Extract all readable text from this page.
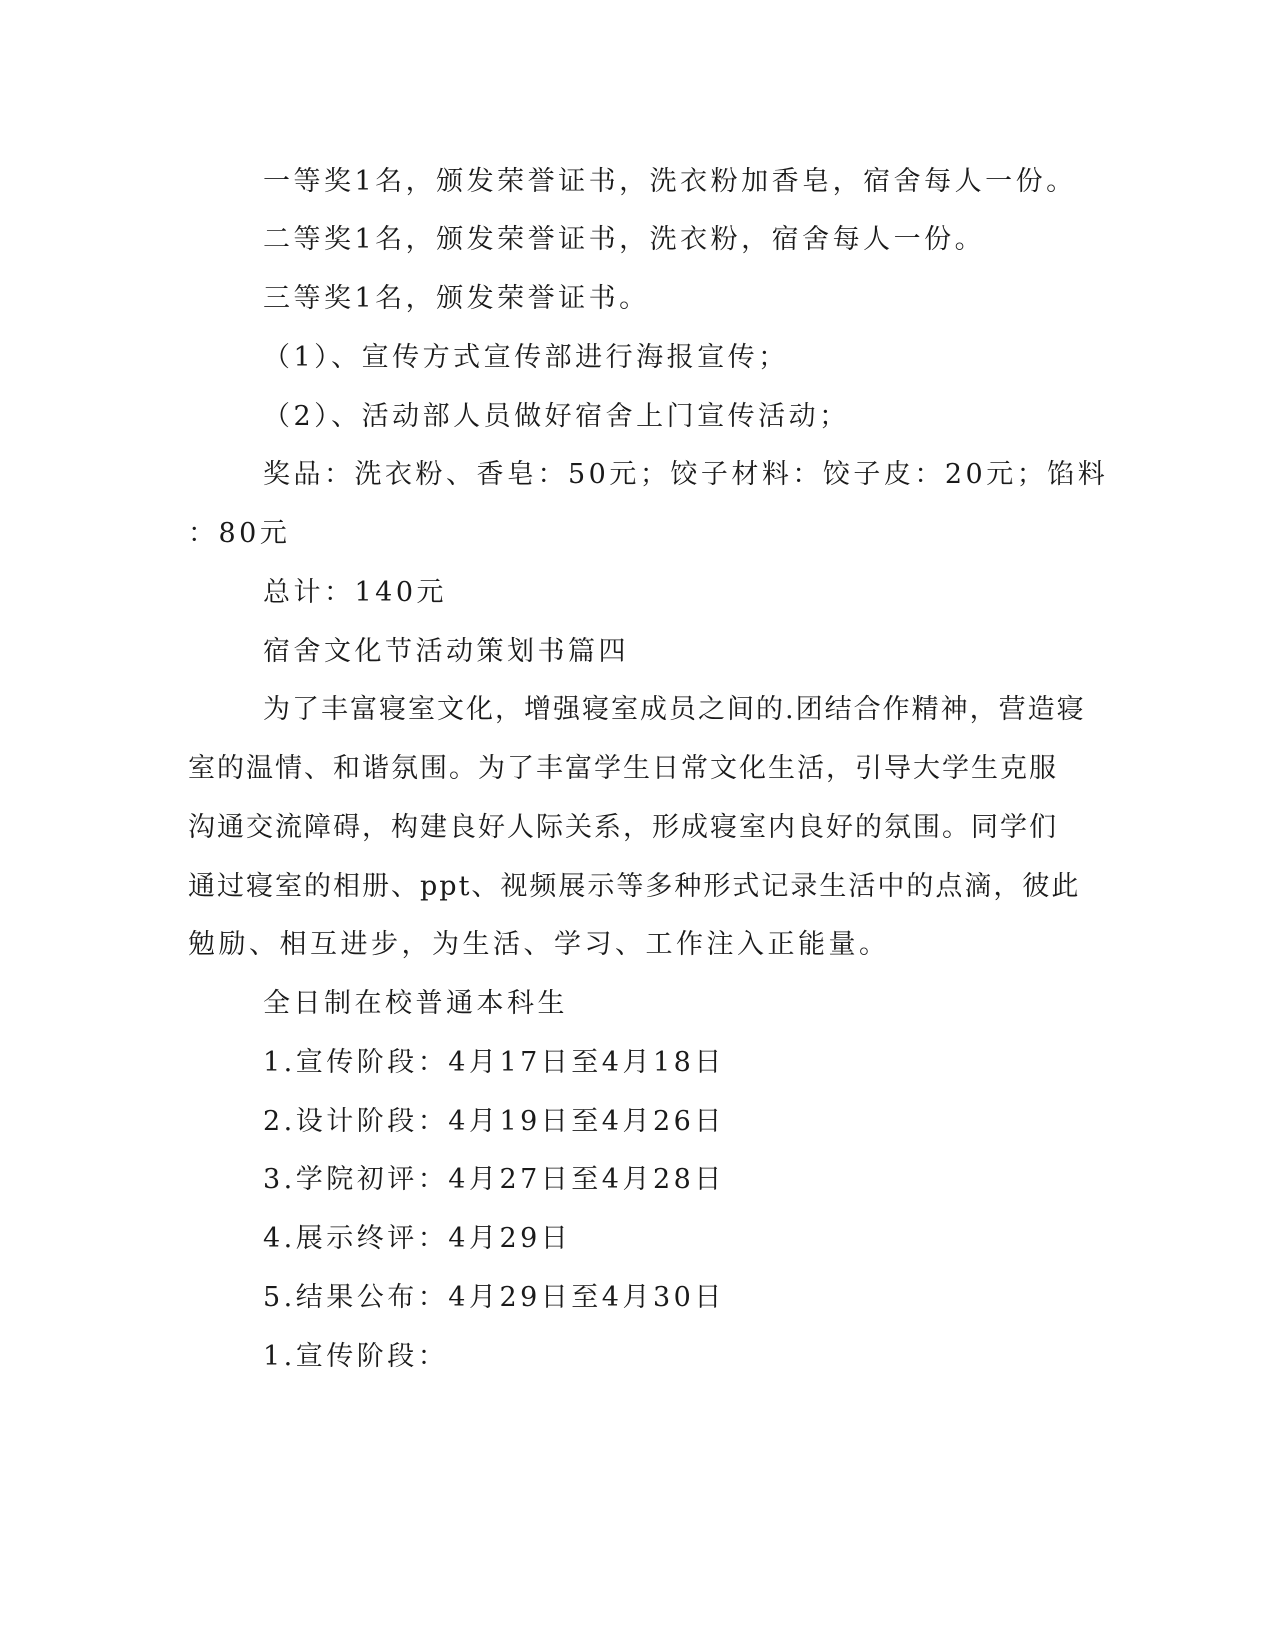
一等奖1名，颁发荣誉证书，洗衣粉加香皂，宿舍每人一份。

二等奖1名，颁发荣誉证书，洗衣粉，宿舍每人一份。

三等奖1名，颁发荣誉证书。

（1）、宣传方式宣传部进行海报宣传；

（2）、活动部人员做好宿舍上门宣传活动；

奖品：洗衣粉、香皂：50元；饺子材料：饺子皮：20元；馅料

：80元

总计：140元

宿舍文化节活动策划书篇四

为了丰富寝室文化，增强寝室成员之间的.团结合作精神，营造寝

室的温情、和谐氛围。为了丰富学生日常文化生活，引导大学生克服

沟通交流障碍，构建良好人际关系，形成寝室内良好的氛围。同学们

通过寝室的相册、ppt、视频展示等多种形式记录生活中的点滴，彼此

勉励、相互进步，为生活、学习、工作注入正能量。

全日制在校普通本科生

1.宣传阶段：4月17日至4月18日

2.设计阶段：4月19日至4月26日

3.学院初评：4月27日至4月28日

4.展示终评：4月29日

5.结果公布：4月29日至4月30日

1.宣传阶段：
